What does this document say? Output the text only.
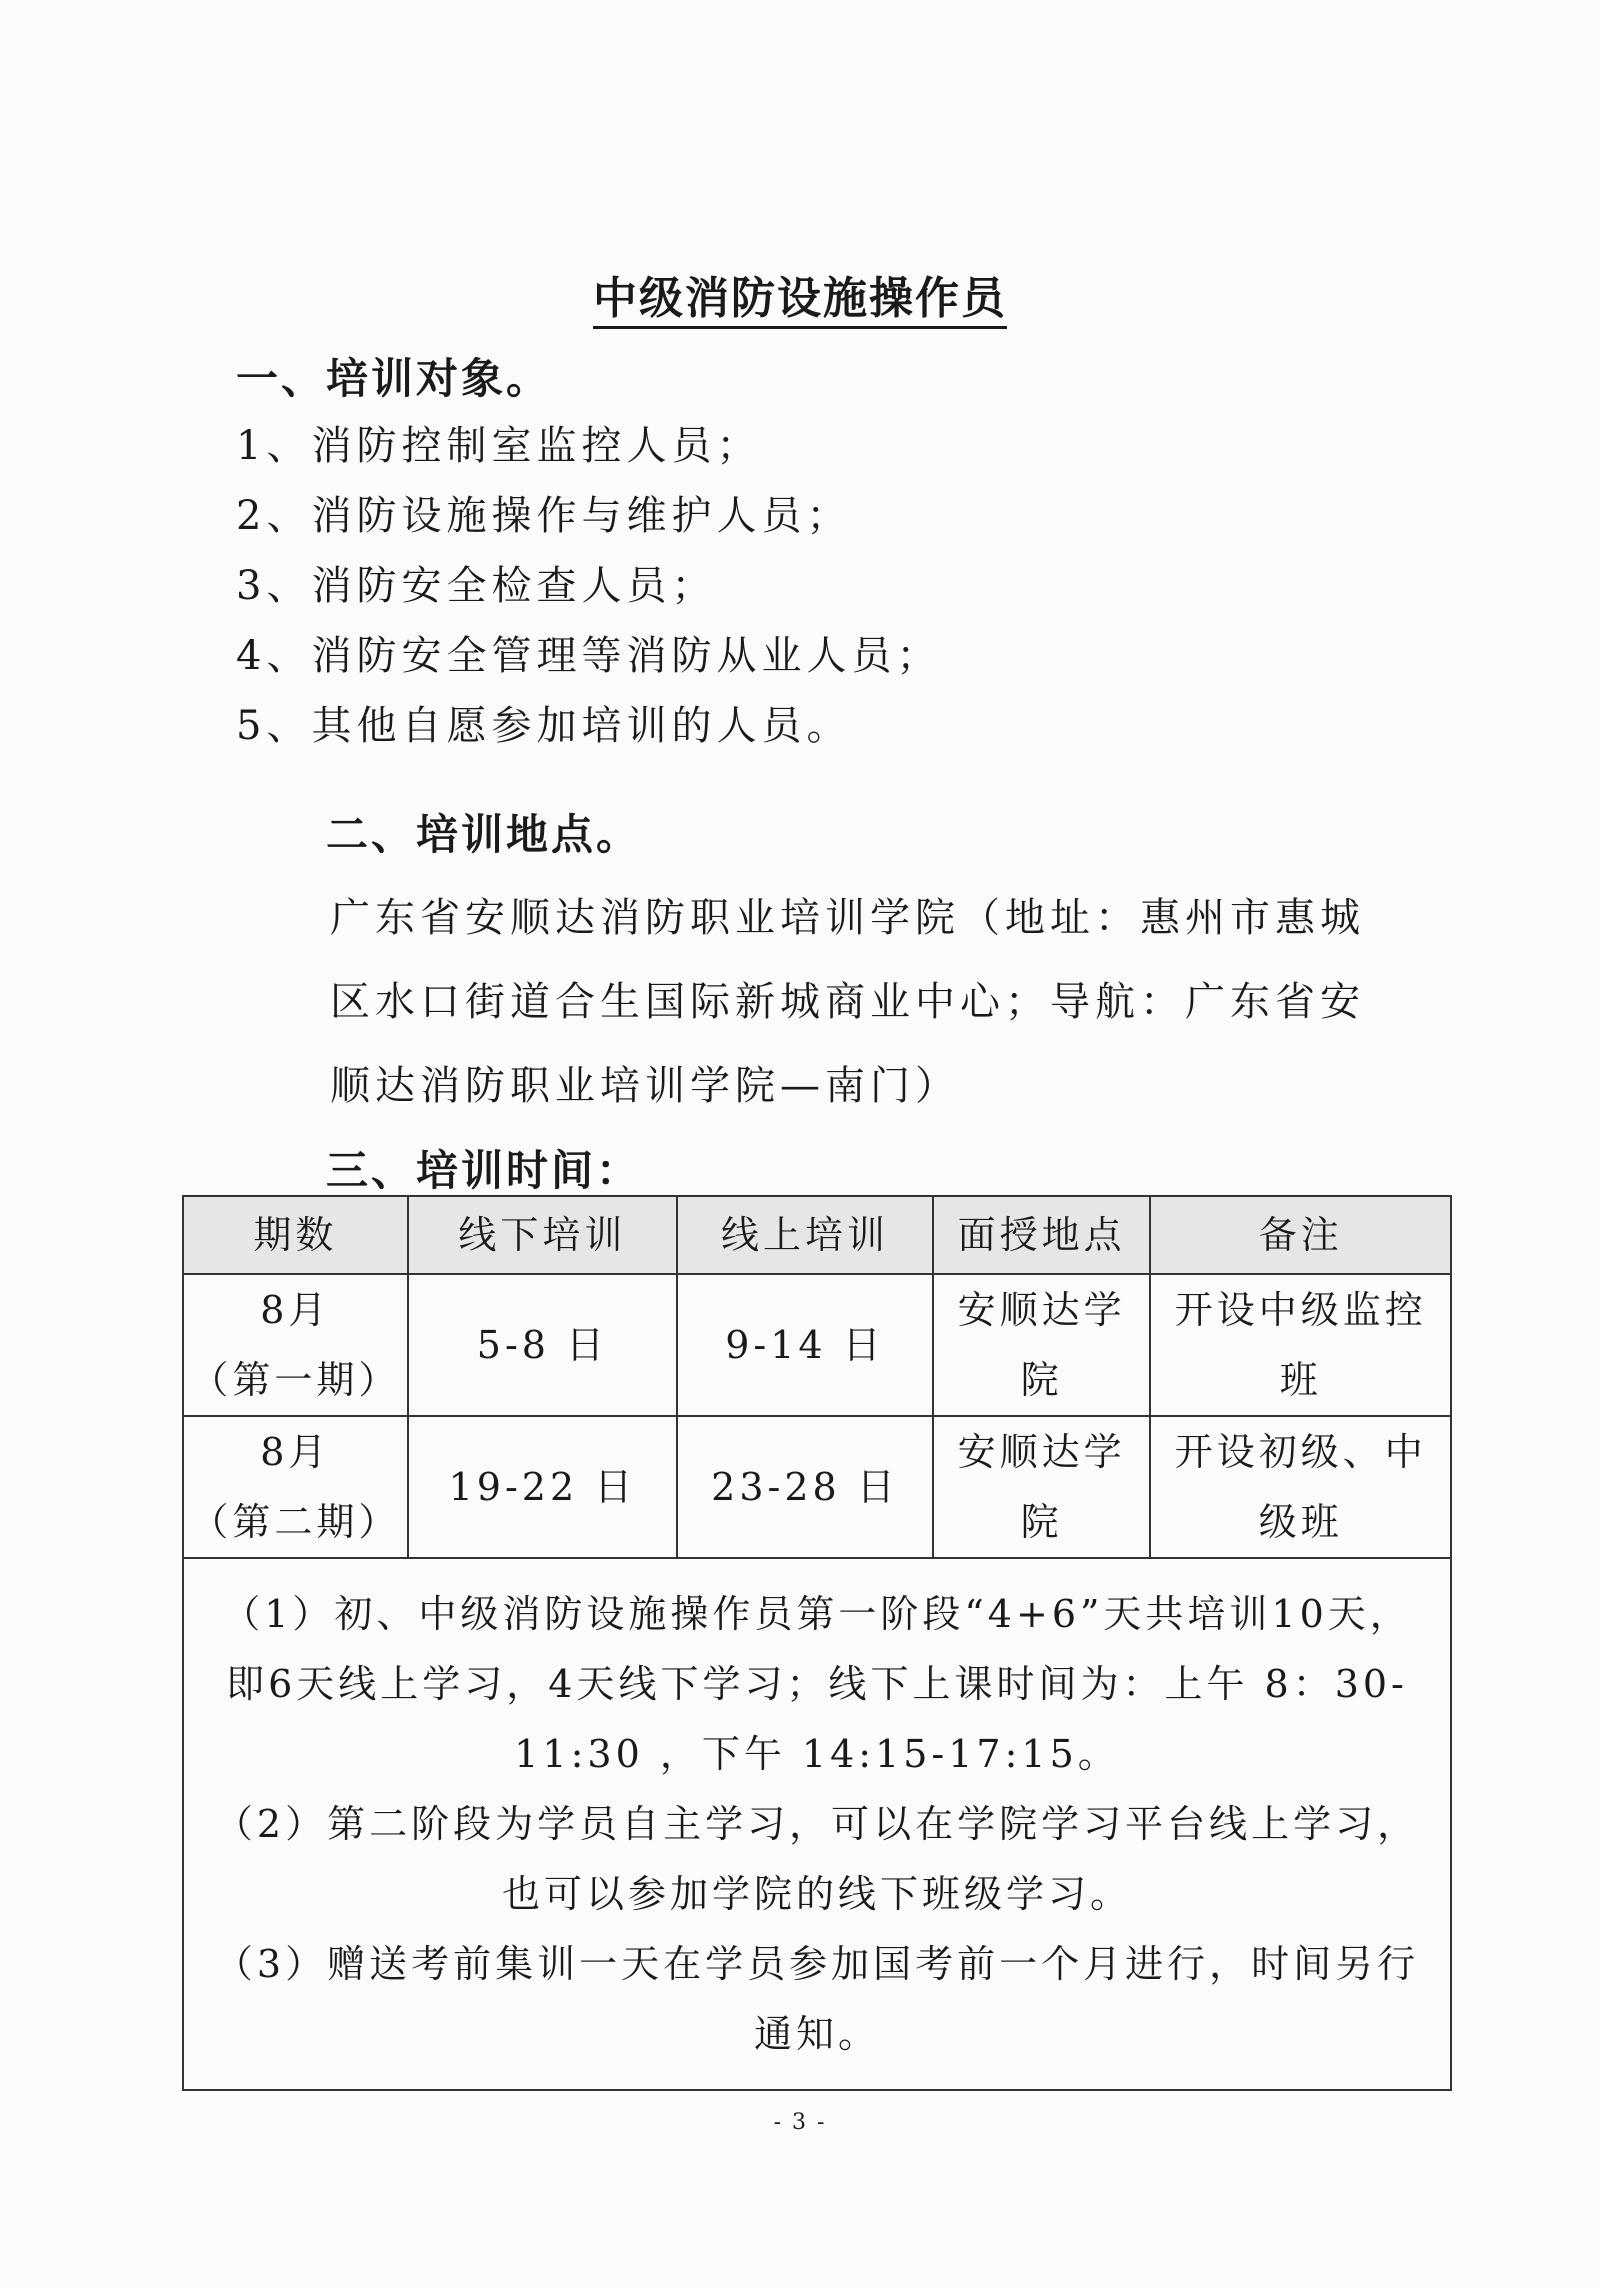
中级消防设施操作员
一、培训对象。
1、消防控制室监控人员；
2、消防设施操作与维护人员；
3、消防安全检查人员；
4、消防安全管理等消防从业人员；
5、其他自愿参加培训的人员。
二、培训地点。
广东省安顺达消防职业培训学院（地址：惠州市惠城区水口街道合生国际新城商业中心；导航：广东省安顺达消防职业培训学院—南门）
三、培训时间：
期数	线下培训	线上培训	面授地点	备注
8月
（第一期）	5-8 日	9-14 日	安顺达学院	开设中级监控班
8月
（第二期）	19-22 日	23-28 日	安顺达学院	开设初级、中级班

（1）初、中级消防设施操作员第一阶段“4+6”天共培训10天，即6天线上学习，4天线下学习；线下上课时间为：上午 8：30-11:30 ，下午 14:15-17:15。
（2）第二阶段为学员自主学习，可以在学院学习平台线上学习，也可以参加学院的线下班级学习。
（3）赠送考前集训一天在学员参加国考前一个月进行，时间另行通知。				
- 3 -
